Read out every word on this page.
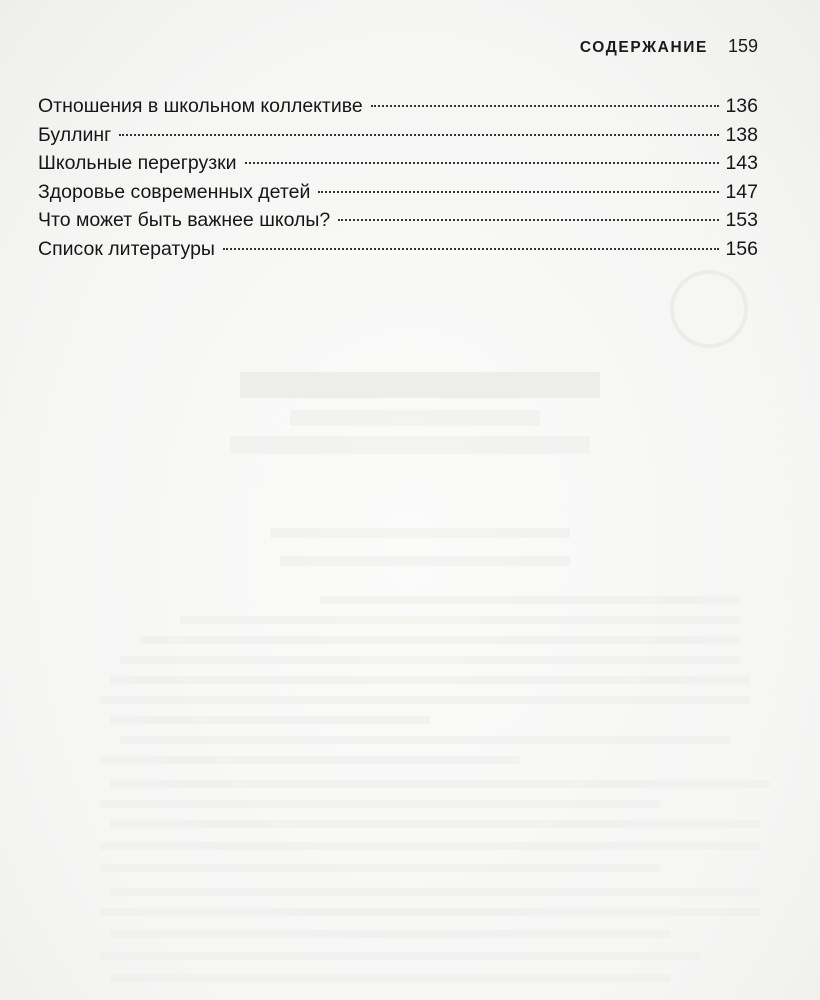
СОДЕРЖАНИЕ 159
Отношения в школьном коллективе	136
Буллинг	138
Школьные перегрузки	143
Здоровье современных детей	147
Что может быть важнее школы?	153
Список литературы	156
